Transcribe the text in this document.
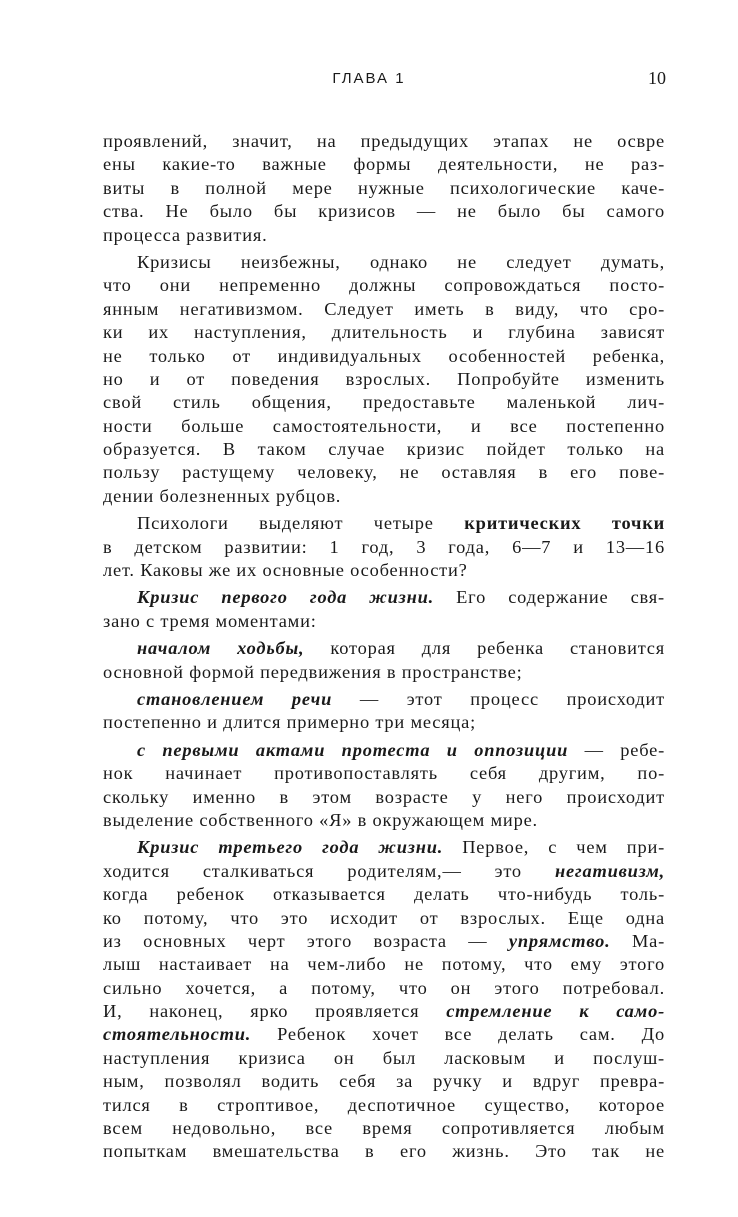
ГЛАВА 1	10
проявлений, значит, на предыдущих этапах не осврe
ены какие-то важные формы деятельности, не раз-
виты в полной мере нужные психологические каче-
ства. Не было бы кризисов — не было бы самого
процесса развития.
Кризисы неизбежны, однако не следует думать,
что они непременно должны сопровождаться посто-
янным негативизмом. Следует иметь в виду, что сро-
ки их наступления, длительность и глубина зависят
не только от индивидуальных особенностей ребенка,
но и от поведения взрослых. Попробуйте изменить
свой стиль общения, предоставьте маленькой лич-
ности больше самостоятельности, и все постепенно
образуется. В таком случае кризис пойдет только на
пользу растущему человеку, не оставляя в его пове-
дении болезненных рубцов.
Психологи выделяют четыре критических точки
в детском развитии: 1 год, 3 года, 6—7 и 13—16
лет. Каковы же их основные особенности?
Кризис первого года жизни. Его содержание свя-
зано с тремя моментами:
началом ходьбы, которая для ребенка становится
основной формой передвижения в пространстве;
становлением речи — этот процесс происходит
постепенно и длится примерно три месяца;
с первыми актами протеста и оппозиции — ребе-
нок начинает противопоставлять себя другим, по-
скольку именно в этом возрасте у него происходит
выделение собственного «Я» в окружающем мире.
Кризис третьего года жизни. Первое, с чем при-
ходится сталкиваться родителям,— это негативизм,
когда ребенок отказывается делать что-нибудь толь-
ко потому, что это исходит от взрослых. Еще одна
из основных черт этого возраста — упрямство. Ма-
лыш настаивает на чем-либо не потому, что ему этого
сильно хочется, а потому, что он этого потребовал.
И, наконец, ярко проявляется стремление к само-
стоятельности. Ребенок хочет все делать сам. До
наступления кризиса он был ласковым и послуш-
ным, позволял водить себя за ручку и вдруг превра-
тился в строптивое, деспотичное существо, которое
всем недовольно, все время сопротивляется любым
попыткам вмешательства в его жизнь. Это так не
